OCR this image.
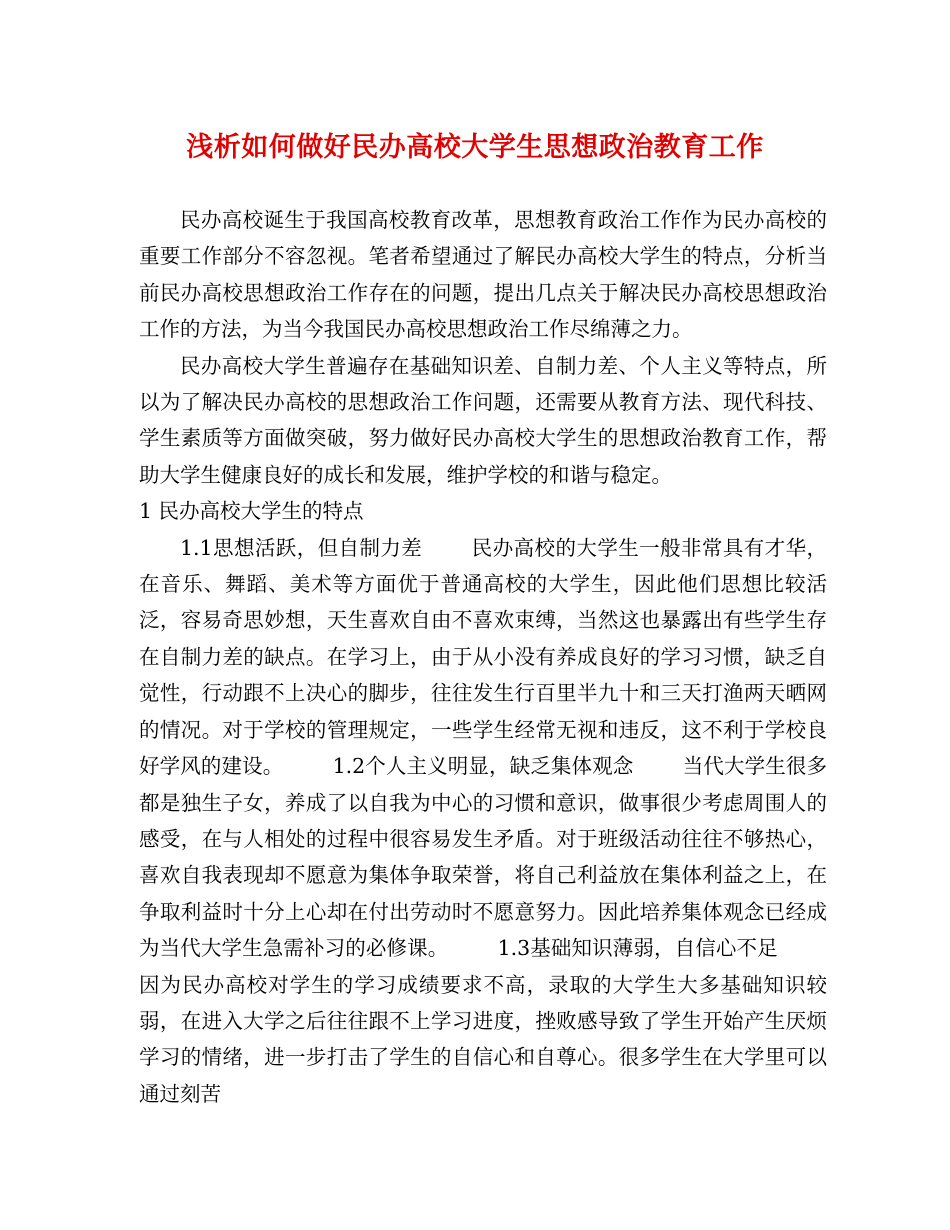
浅析如何做好民办高校大学生思想政治教育工作

民办高校诞生于我国高校教育改革，思想教育政治工作作为民办高校的重要工作部分不容忽视。笔者希望通过了解民办高校大学生的特点，分析当前民办高校思想政治工作存在的问题，提出几点关于解决民办高校思想政治工作的方法，为当今我国民办高校思想政治工作尽绵薄之力。

民办高校大学生普遍存在基础知识差、自制力差、个人主义等特点，所以为了解决民办高校的思想政治工作问题，还需要从教育方法、现代科技、学生素质等方面做突破，努力做好民办高校大学生的思想政治教育工作，帮助大学生健康良好的成长和发展，维护学校的和谐与稳定。

1 民办高校大学生的特点

1.1思想活跃，但自制力差 民办高校的大学生一般非常具有才华，在音乐、舞蹈、美术等方面优于普通高校的大学生，因此他们思想比较活泛，容易奇思妙想，天生喜欢自由不喜欢束缚，当然这也暴露出有些学生存在自制力差的缺点。在学习上，由于从小没有养成良好的学习习惯，缺乏自觉性，行动跟不上决心的脚步，往往发生行百里半九十和三天打渔两天晒网的情况。对于学校的管理规定，一些学生经常无视和违反，这不利于学校良好学风的建设。 1.2个人主义明显，缺乏集体观念 当代大学生很多都是独生子女，养成了以自我为中心的习惯和意识，做事很少考虑周围人的感受，在与人相处的过程中很容易发生矛盾。对于班级活动往往不够热心，喜欢自我表现却不愿意为集体争取荣誉，将自己利益放在集体利益之上，在争取利益时十分上心却在付出劳动时不愿意努力。因此培养集体观念已经成为当代大学生急需补习的必修课。 1.3基础知识薄弱，自信心不足因为民办高校对学生的学习成绩要求不高，录取的大学生大多基础知识较弱，在进入大学之后往往跟不上学习进度，挫败感导致了学生开始产生厌烦学习的情绪，进一步打击了学生的自信心和自尊心。很多学生在大学里可以通过刻苦
